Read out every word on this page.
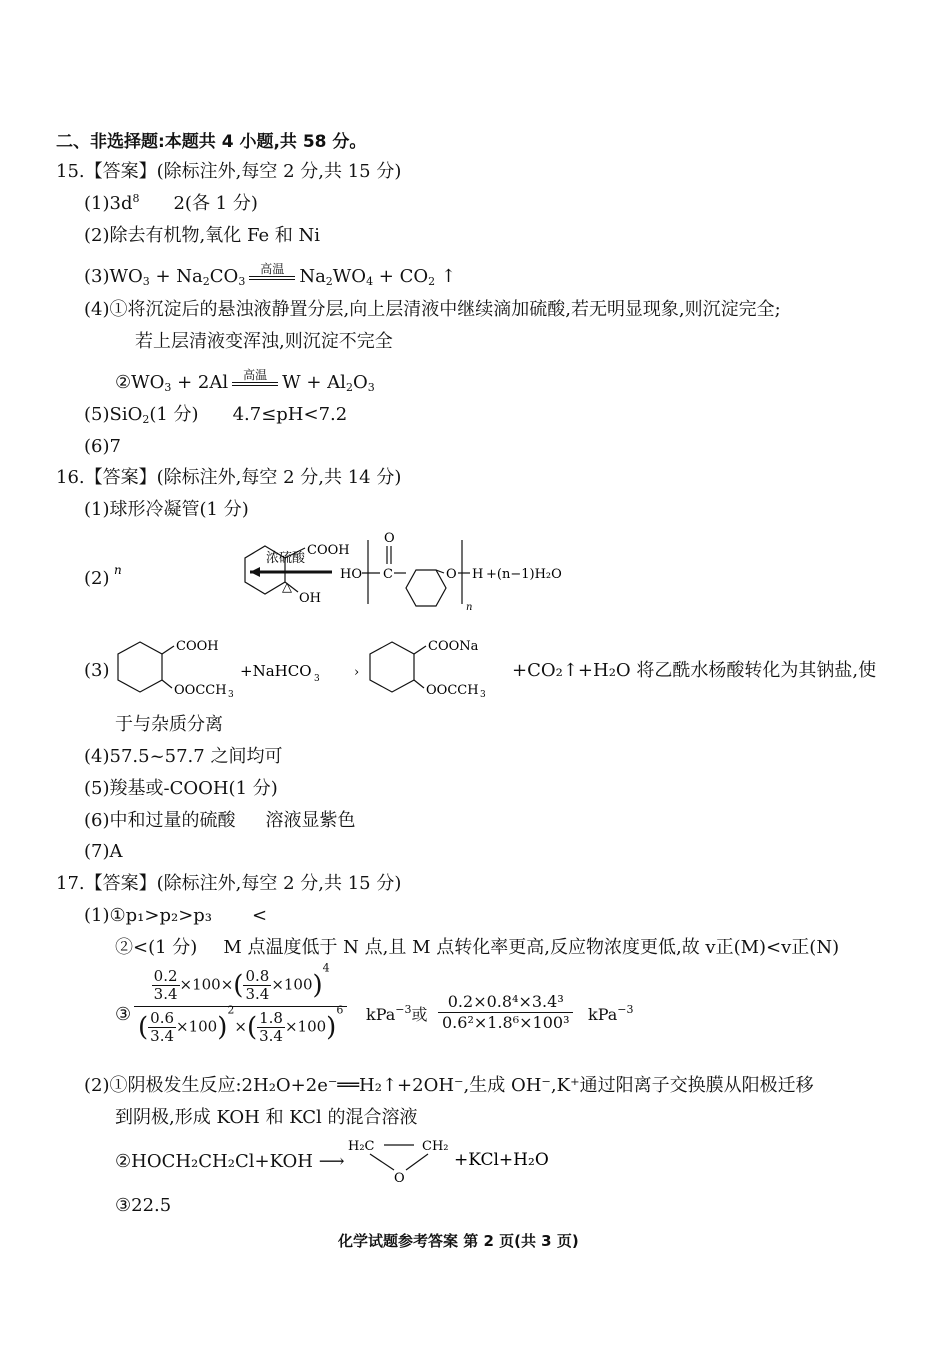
二、非选择题:本题共 4 小题,共 58 分。
15.【答案】(除标注外,每空 2 分,共 15 分)
$(1)3d^8$ 2(各 1 分)
(2)除去有机物,氧化 Fe 和 Ni
$(3)WO_3 + Na_2CO_3$
高温 $Na_2WO_4 + CO_2$ ↑
(4)①将沉淀后的悬浊液静置分层,向上层清液中继续滴加硫酸,若无明显现象,则沉淀完全;
若上层清液变浑浊,则沉淀不完全
$②WO_3 + 2Al$	高温 $W + Al_2O_3$
(5)SiO$_2$(1 分) 4.7≤pH<7.2
(6)7
16.【答案】(除标注外,每空 2 分,共 14 分)
(1)球形冷凝管(1 分)
(2) n
COOH
OH
浓硫酸
△
HO C
O
O H +(n−1)H₂O
n
(3)
COOH
OOCCH 3
+NaHCO 3	›
COONa
OOCCH 3
+CO₂↑+H₂O 将乙酰水杨酸转化为其钠盐,使
于与杂质分离
(4)57.5~57.7 之间均可
(5)羧基或-COOH(1 分)
(6)中和过量的硫酸 溶液显紫色
(7)A
17.【答案】(除标注外,每空 2 分,共 15 分)
(1)①p₁>p₂>p₃ <
②<(1 分) M 点温度低于 N 点,且 M 点转化率更高,反应物浓度更低,故 v正(M)<v正(N)
③
$\frac{0.2}{3.4} \times 100\times( \frac{0.8}{3.4} \times 100)^4$
( $\frac{0.6}{3.4} \times 100)^2\times( \frac{1.8}{3.4} \times 100)^6$ kPa$^{-3}$或
0.2×0.8⁴×3.4³
0.6²×1.8⁶×100³ kPa$^{-3}$
(2)①阴极发生反应:2H₂O+2e⁻══H₂↑+2OH⁻,生成 OH⁻,K⁺通过阳离子交换膜从阳极迁移
到阴极,形成 KOH 和 KCl 的混合溶液
②HOCH₂CH₂Cl+KOH ⟶
H₂C	CH₂
O
+KCl+H₂O
③22.5
化学试题参考答案 第 2 页(共 3 页)
